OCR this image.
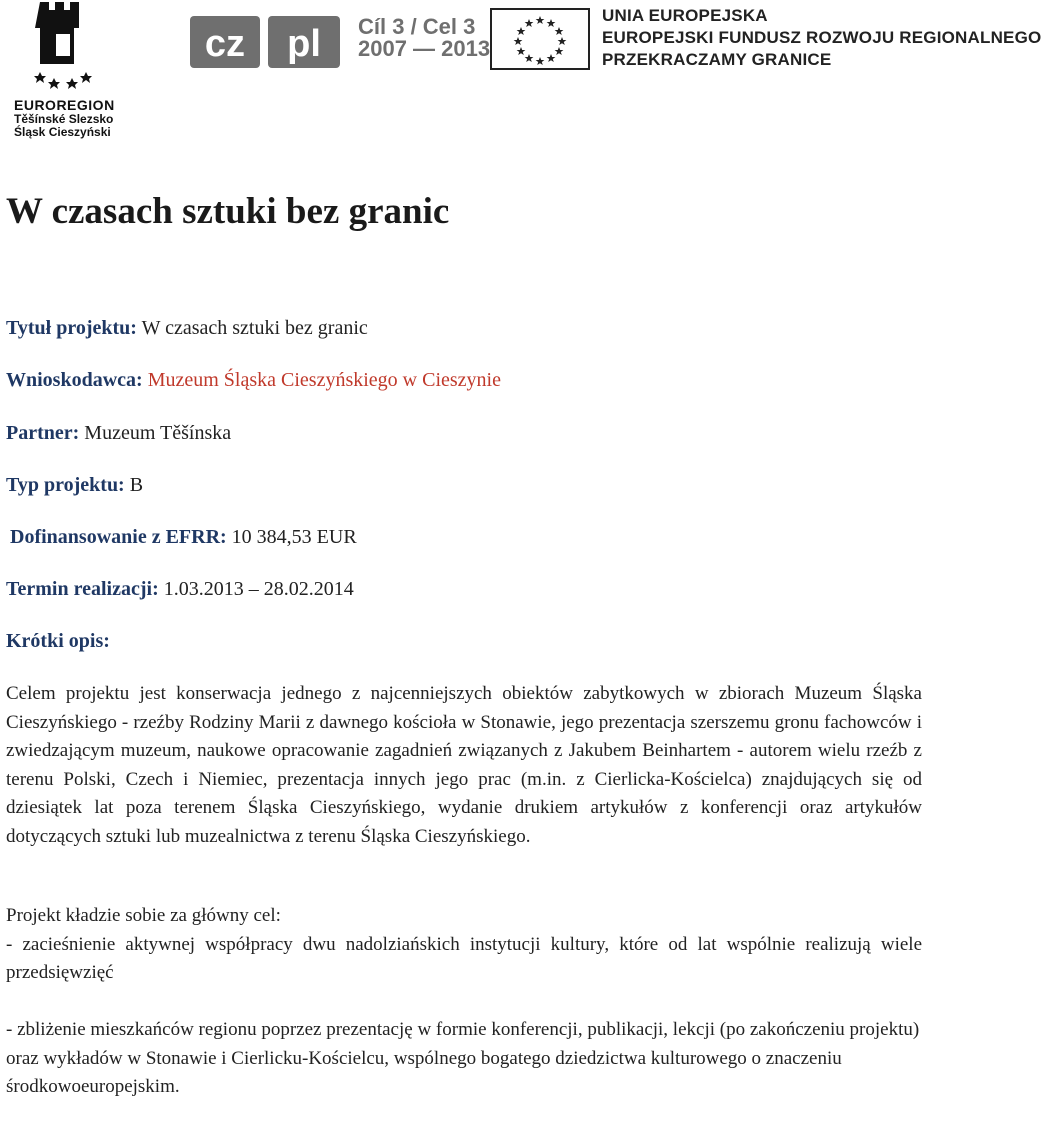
EUROREGION
Těšínské Slezsko
Śląsk Cieszyński
cz pl Cíl 3 / Cel 3
2007 — 2013
UNIA EUROPEJSKA
EUROPEJSKI FUNDUSZ ROZWOJU REGIONALNEGO
PRZEKRACZAMY GRANICE
W czasach sztuki bez granic
Tytuł projektu: W czasach sztuki bez granic
Wnioskodawca: Muzeum Śląska Cieszyńskiego w Cieszynie
Partner: Muzeum Těšínska
Typ projektu: B
Dofinansowanie z EFRR: 10 384,53 EUR
Termin realizacji: 1.03.2013 – 28.02.2014
Krótki opis:

Celem projektu jest konserwacja jednego z najcenniejszych obiektów zabytkowych w zbiorach Muzeum Śląska Cieszyńskiego - rzeźby Rodziny Marii z dawnego kościoła w Stonawie, jego prezentacja szerszemu gronu fachowców i zwiedzającym muzeum, naukowe opracowanie zagadnień związanych z Jakubem Beinhartem - autorem wielu rzeźb z terenu Polski, Czech i Niemiec, prezentacja innych jego prac (m.in. z Cierlicka-Kościelca) znajdujących się od dziesiątek lat poza terenem Śląska Cieszyńskiego, wydanie drukiem artykułów z konferencji oraz artykułów dotyczących sztuki lub muzealnictwa z terenu Śląska Cieszyńskiego.

Projekt kładzie sobie za główny cel:

- zacieśnienie aktywnej współpracy dwu nadolziańskich instytucji kultury, które od lat wspólnie realizują wiele przedsięwzięć

- zbliżenie mieszkańców regionu poprzez prezentację w formie konferencji, publikacji, lekcji (po zakończeniu projektu) oraz wykładów w Stonawie i Cierlicku-Kościelcu, wspólnego bogatego dziedzictwa kulturowego o znaczeniu środkowoeuropejskim.
